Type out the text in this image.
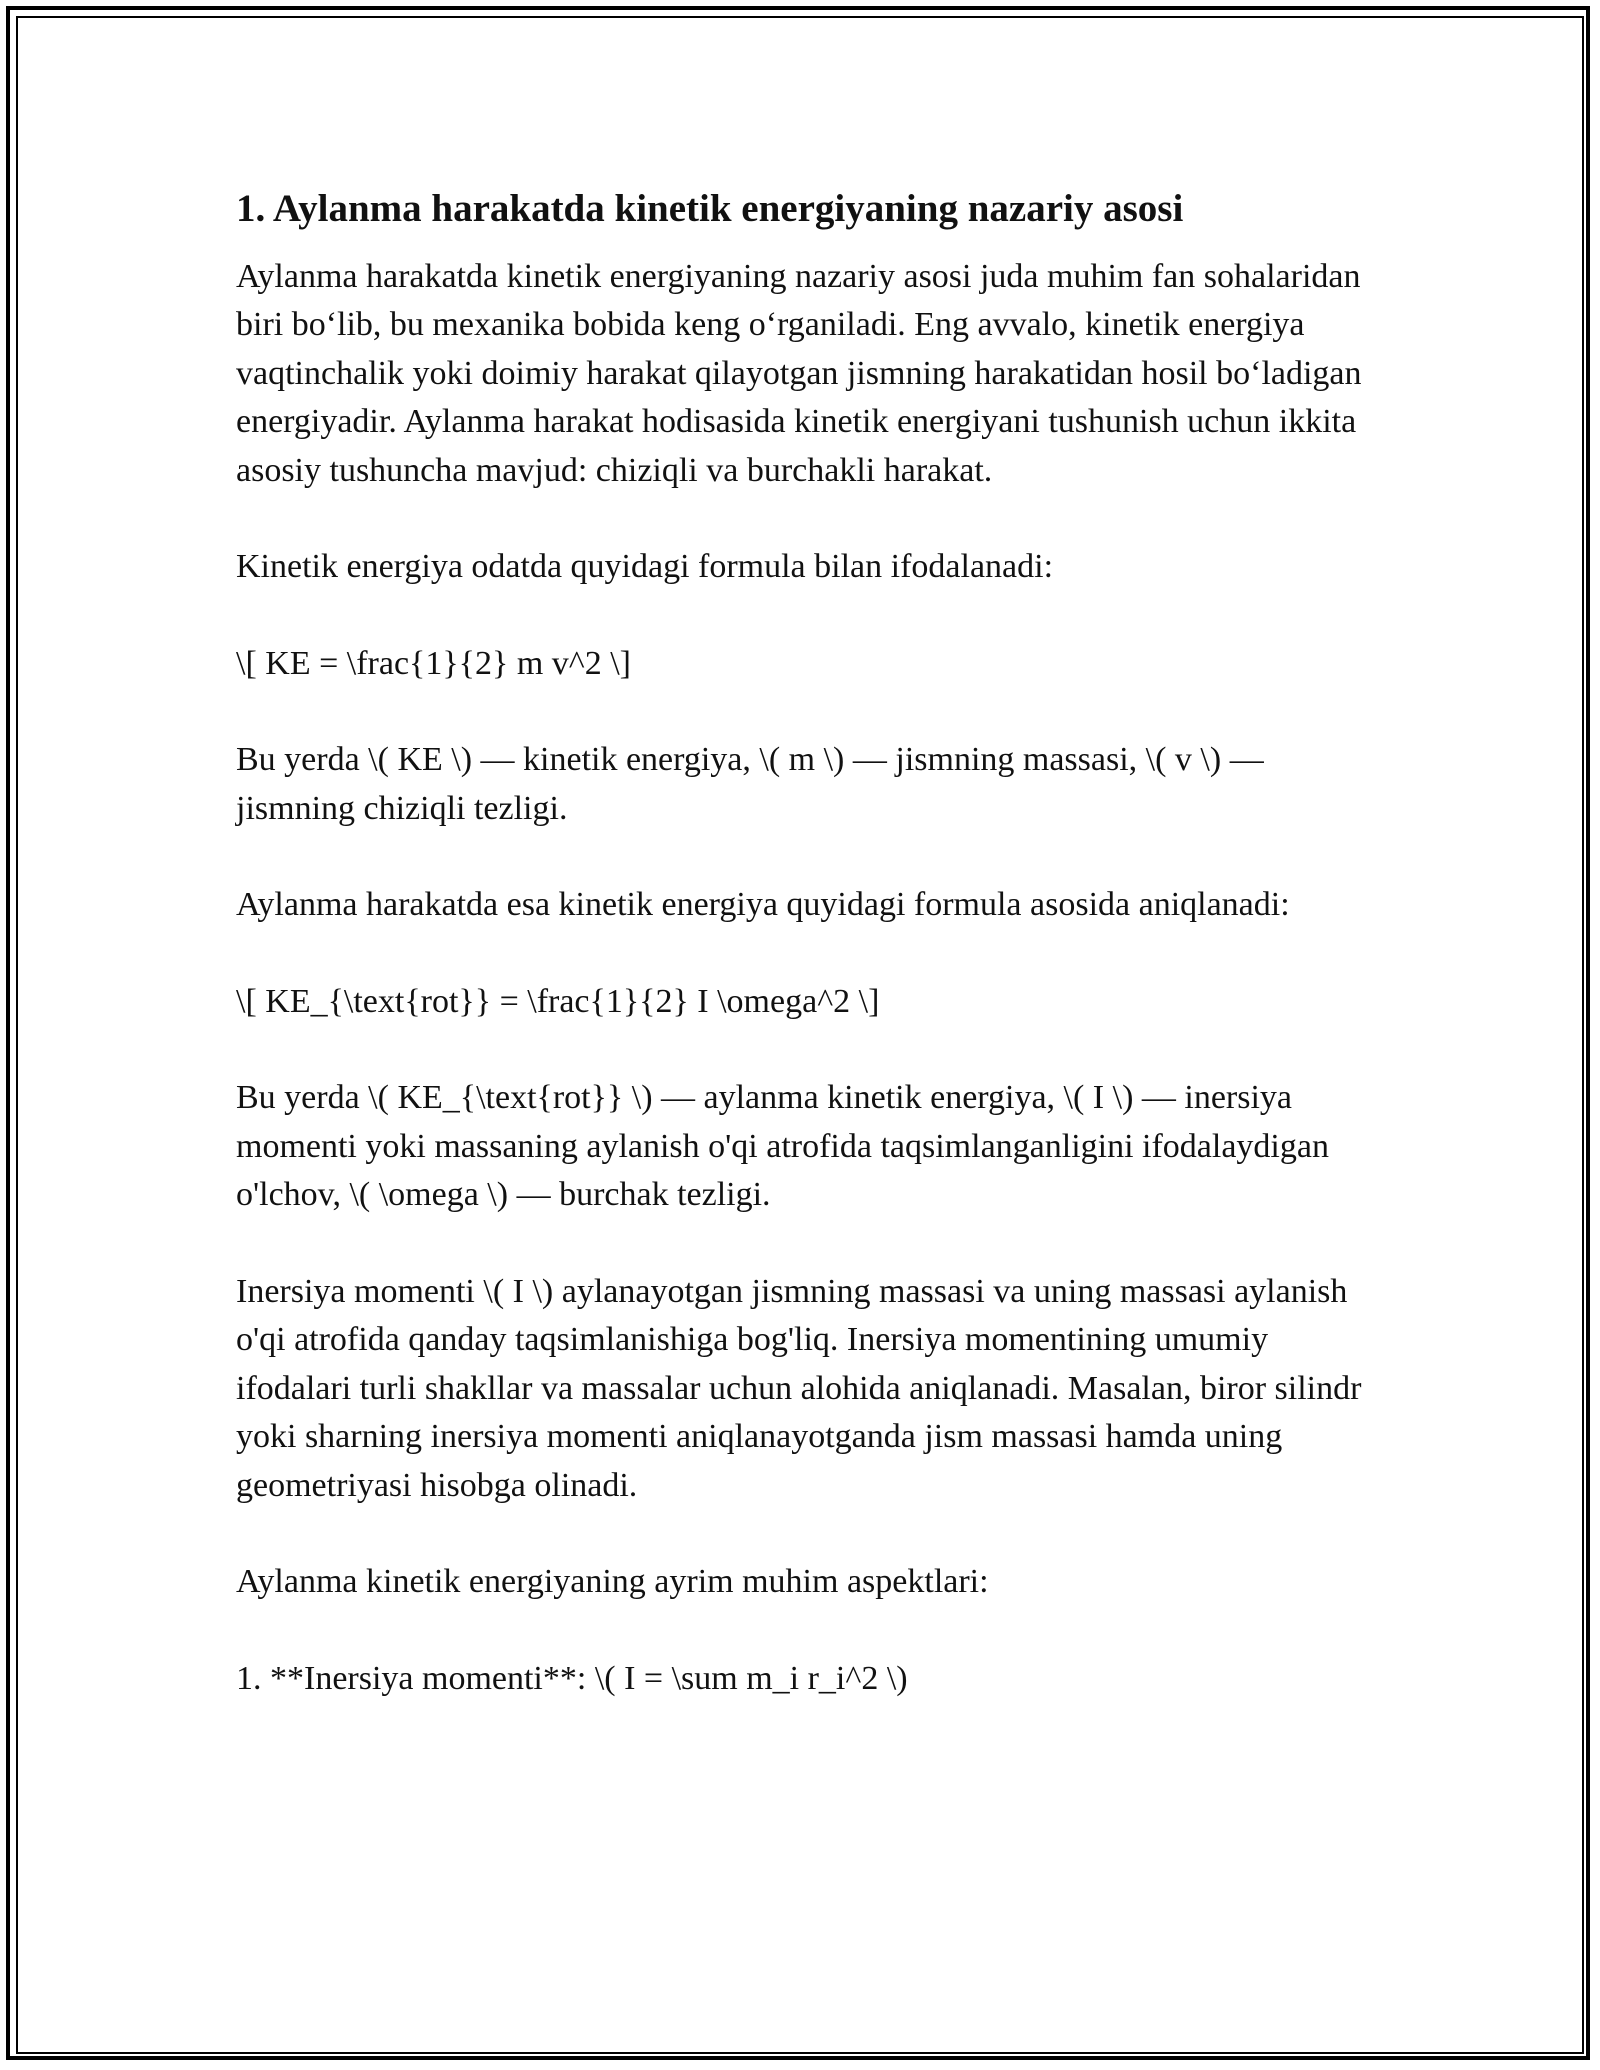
1. Aylanma harakatda kinetik energiyaning nazariy asosi

Aylanma harakatda kinetik energiyaning nazariy asosi juda muhim fan sohalaridan biri bo‘lib, bu mexanika bobida keng o‘rganiladi. Eng avvalo, kinetik energiya vaqtinchalik yoki doimiy harakat qilayotgan jismning harakatidan hosil bo‘ladigan energiyadir. Aylanma harakat hodisasida kinetik energiyani tushunish uchun ikkita asosiy tushuncha mavjud: chiziqli va burchakli harakat.

Kinetik energiya odatda quyidagi formula bilan ifodalanadi:

\[ KE = \frac{1}{2} m v^2 \]

Bu yerda \( KE \) — kinetik energiya, \( m \) — jismning massasi, \( v \) — jismning chiziqli tezligi.

Aylanma harakatda esa kinetik energiya quyidagi formula asosida aniqlanadi:

\[ KE_{\text{rot}} = \frac{1}{2} I \omega^2 \]

Bu yerda \( KE_{\text{rot}} \) — aylanma kinetik energiya, \( I \) — inersiya momenti yoki massaning aylanish o'qi atrofida taqsimlanganligini ifodalaydigan o'lchov, \( \omega \) — burchak tezligi.

Inersiya momenti \( I \) aylanayotgan jismning massasi va uning massasi aylanish o'qi atrofida qanday taqsimlanishiga bog'liq. Inersiya momentining umumiy ifodalari turli shakllar va massalar uchun alohida aniqlanadi. Masalan, biror silindr yoki sharning inersiya momenti aniqlanayotganda jism massasi hamda uning geometriyasi hisobga olinadi.

Aylanma kinetik energiyaning ayrim muhim aspektlari:

1. **Inersiya momenti**: \( I = \sum m_i r_i^2 \)
